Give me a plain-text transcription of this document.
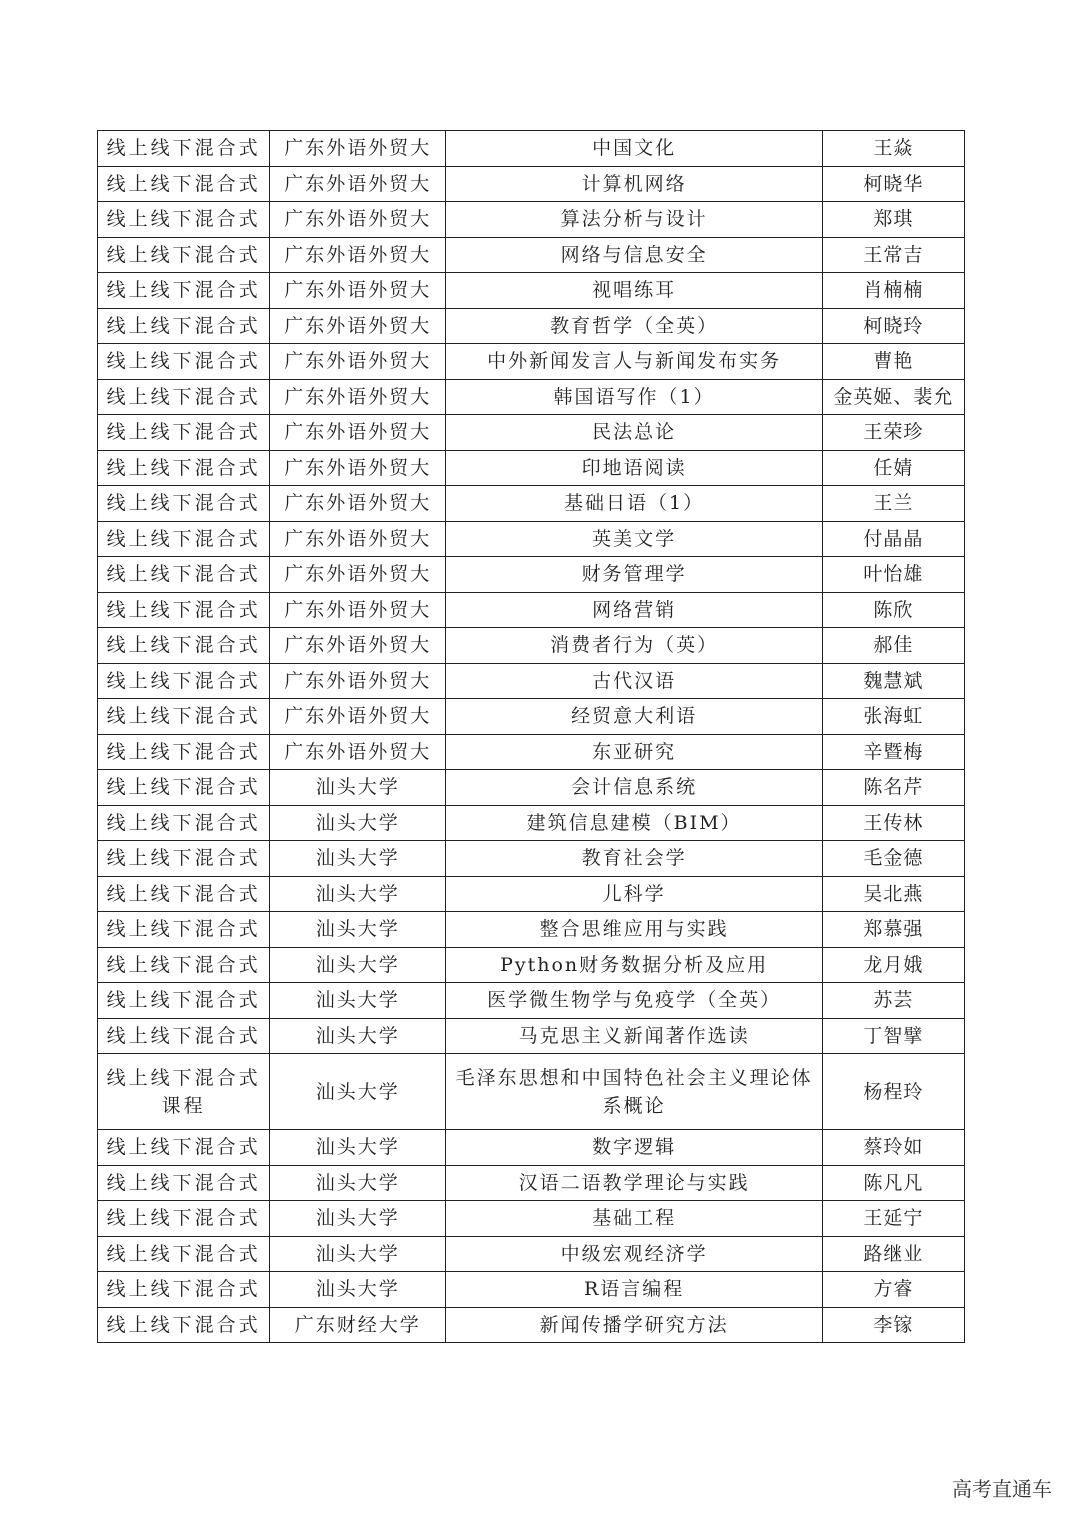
线上线下混合式	广东外语外贸大	中国文化	王焱
线上线下混合式	广东外语外贸大	计算机网络	柯晓华
线上线下混合式	广东外语外贸大	算法分析与设计	郑琪
线上线下混合式	广东外语外贸大	网络与信息安全	王常吉
线上线下混合式	广东外语外贸大	视唱练耳	肖楠楠
线上线下混合式	广东外语外贸大	教育哲学（全英）	柯晓玲
线上线下混合式	广东外语外贸大	中外新闻发言人与新闻发布实务	曹艳
线上线下混合式	广东外语外贸大	韩国语写作（1）	金英姬、裴允
线上线下混合式	广东外语外贸大	民法总论	王荣珍
线上线下混合式	广东外语外贸大	印地语阅读	任婧
线上线下混合式	广东外语外贸大	基础日语（1）	王兰
线上线下混合式	广东外语外贸大	英美文学	付晶晶
线上线下混合式	广东外语外贸大	财务管理学	叶怡雄
线上线下混合式	广东外语外贸大	网络营销	陈欣
线上线下混合式	广东外语外贸大	消费者行为（英）	郝佳
线上线下混合式	广东外语外贸大	古代汉语	魏慧斌
线上线下混合式	广东外语外贸大	经贸意大利语	张海虹
线上线下混合式	广东外语外贸大	东亚研究	辛暨梅
线上线下混合式	汕头大学	会计信息系统	陈名芹
线上线下混合式	汕头大学	建筑信息建模（BIM）	王传林
线上线下混合式	汕头大学	教育社会学	毛金德
线上线下混合式	汕头大学	儿科学	吴北燕
线上线下混合式	汕头大学	整合思维应用与实践	郑慕强
线上线下混合式	汕头大学	Python财务数据分析及应用	龙月娥
线上线下混合式	汕头大学	医学微生物学与免疫学（全英）	苏芸
线上线下混合式	汕头大学	马克思主义新闻著作选读	丁智擘
线上线下混合式课程	汕头大学	毛泽东思想和中国特色社会主义理论体系概论	杨程玲
线上线下混合式	汕头大学	数字逻辑	蔡玲如
线上线下混合式	汕头大学	汉语二语教学理论与实践	陈凡凡
线上线下混合式	汕头大学	基础工程	王延宁
线上线下混合式	汕头大学	中级宏观经济学	路继业
线上线下混合式	汕头大学	R语言编程	方睿
线上线下混合式	广东财经大学	新闻传播学研究方法	李镓
高考直通车
